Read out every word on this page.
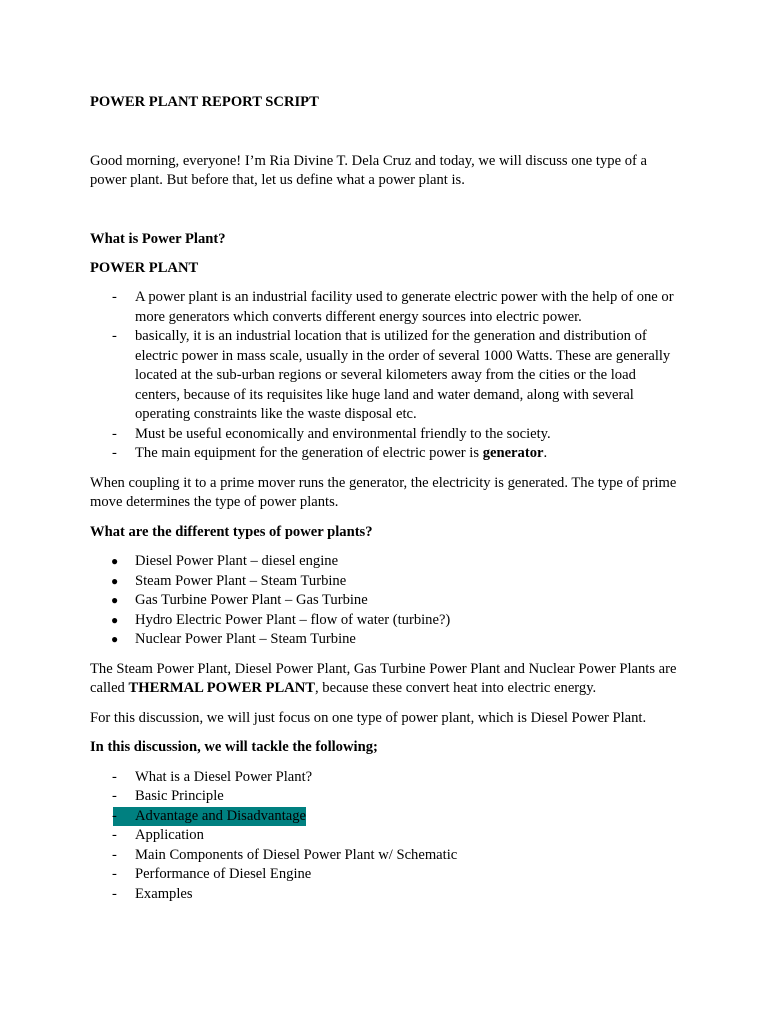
POWER PLANT REPORT SCRIPT

Good morning, everyone! I’m Ria Divine T. Dela Cruz and today, we will discuss one type of a power plant. But before that, let us define what a power plant is.

What is Power Plant?

POWER PLANT

- A power plant is an industrial facility used to generate electric power with the help of one or more generators which converts different energy sources into electric power.
- basically, it is an industrial location that is utilized for the generation and distribution of electric power in mass scale, usually in the order of several 1000 Watts. These are generally located at the sub-urban regions or several kilometers away from the cities or the load centers, because of its requisites like huge land and water demand, along with several operating constraints like the waste disposal etc.
- Must be useful economically and environmental friendly to the society.
- The main equipment for the generation of electric power is generator.

When coupling it to a prime mover runs the generator, the electricity is generated. The type of prime move determines the type of power plants.

What are the different types of power plants?

● Diesel Power Plant – diesel engine
● Steam Power Plant – Steam Turbine
● Gas Turbine Power Plant – Gas Turbine
● Hydro Electric Power Plant – flow of water (turbine?)
● Nuclear Power Plant – Steam Turbine

The Steam Power Plant, Diesel Power Plant, Gas Turbine Power Plant and Nuclear Power Plants are called THERMAL POWER PLANT, because these convert heat into electric energy.

For this discussion, we will just focus on one type of power plant, which is Diesel Power Plant.

In this discussion, we will tackle the following;

- What is a Diesel Power Plant?
- Basic Principle
- Advantage and Disadvantage
- Application
- Main Components of Diesel Power Plant w/ Schematic
- Performance of Diesel Engine
- Examples
